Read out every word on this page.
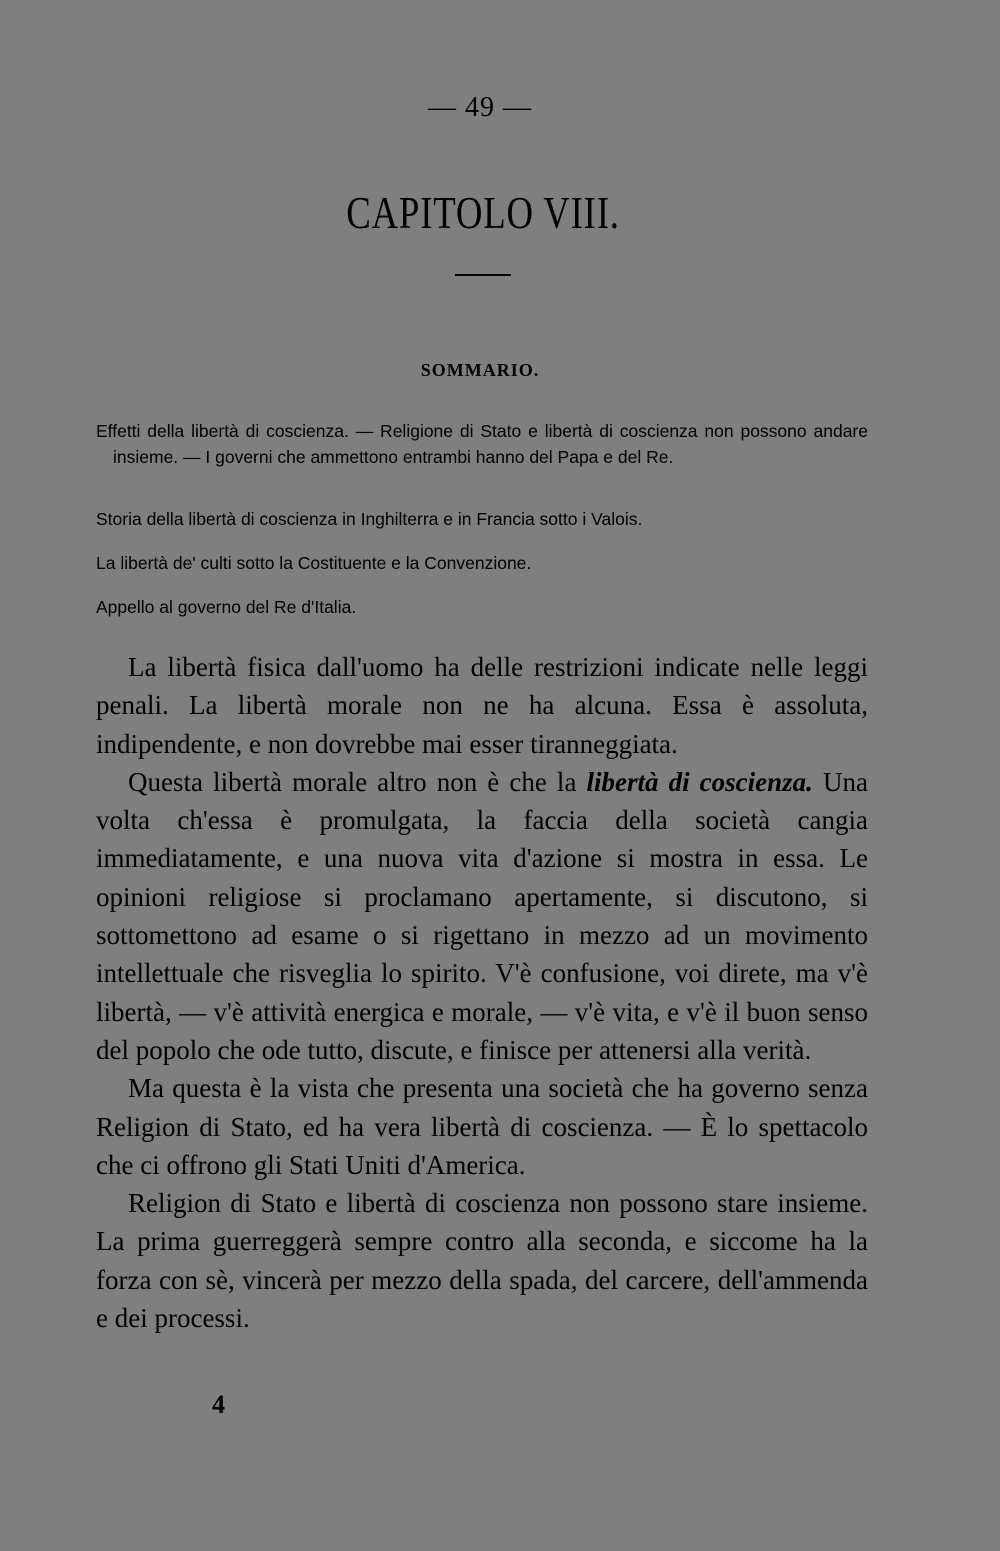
— 49 —
CAPITOLO VIII.
SOMMARIO.
Effetti della libertà di coscienza. — Religione di Stato e libertà di coscienza non possono andare insieme. — I governi che ammettono entrambi hanno del Papa e del Re.
Storia della libertà di coscienza in Inghilterra e in Francia sotto i Valois.
La libertà de' culti sotto la Costituente e la Convenzione.
Appello al governo del Re d'Italia.

La libertà fisica dall'uomo ha delle restrizioni indicate nelle leggi penali. La libertà morale non ne ha alcuna. Essa è assoluta, indipendente, e non dovrebbe mai esser tiranneggiata.

Questa libertà morale altro non è che la libertà di coscienza. Una volta ch'essa è promulgata, la faccia della società cangia immediatamente, e una nuova vita d'azione si mostra in essa. Le opinioni religiose si proclamano apertamente, si discutono, si sottomettono ad esame o si rigettano in mezzo ad un movimento intellettuale che risveglia lo spirito. V'è confusione, voi direte, ma v'è libertà, — v'è attività energica e morale, — v'è vita, e v'è il buon senso del popolo che ode tutto, discute, e finisce per attenersi alla verità.

Ma questa è la vista che presenta una società che ha governo senza Religion di Stato, ed ha vera libertà di coscienza. — È lo spettacolo che ci offrono gli Stati Uniti d'America.

Religion di Stato e libertà di coscienza non possono stare insieme. La prima guerreggerà sempre contro alla seconda, e siccome ha la forza con sè, vincerà per mezzo della spada, del carcere, dell'ammenda e dei processi.

4
